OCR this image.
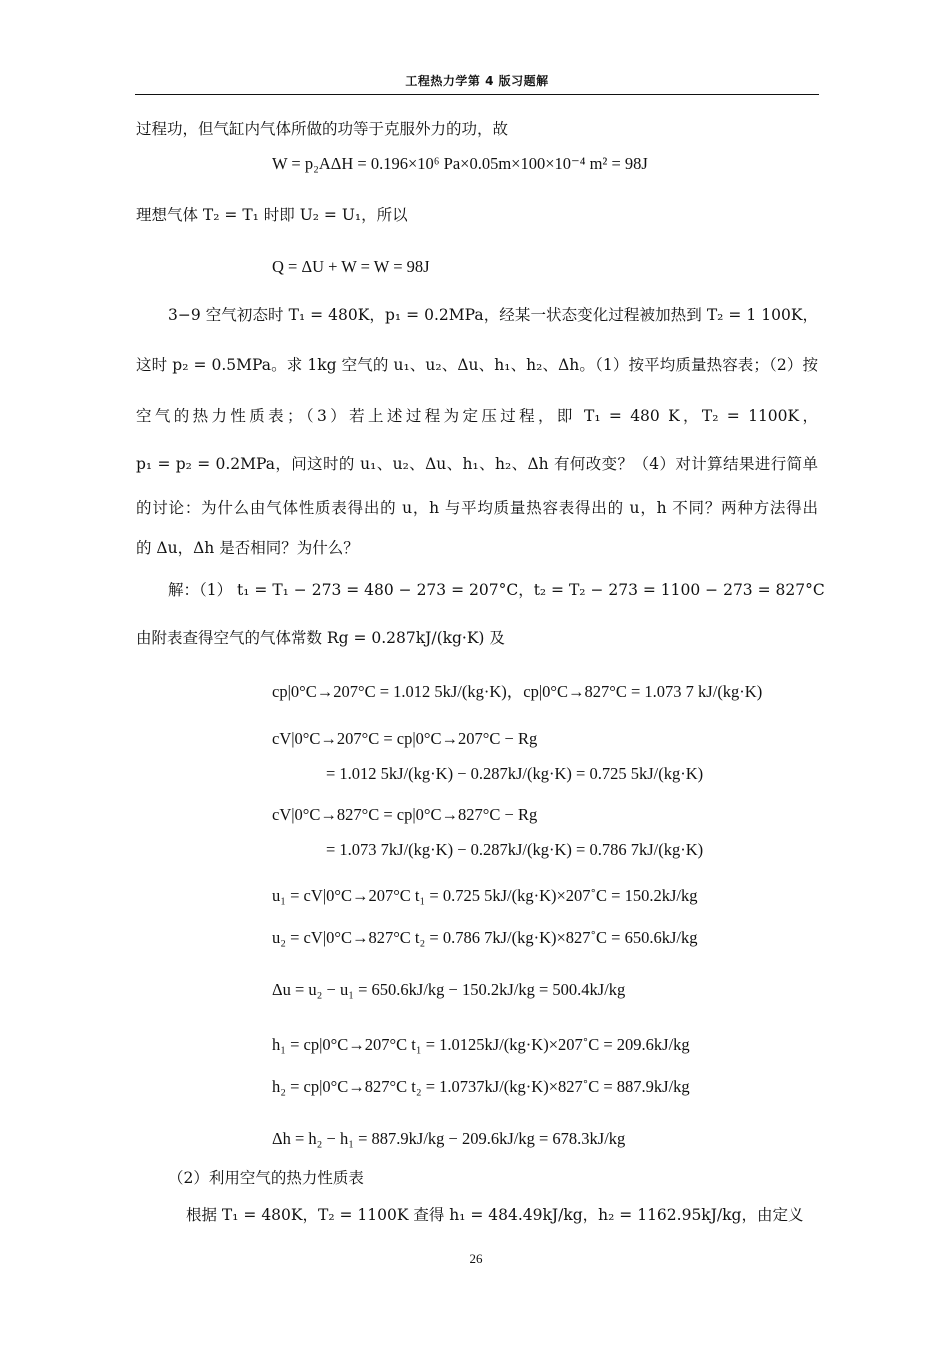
工程热力学第 4 版习题解
过程功，但气缸内气体所做的功等于克服外力的功，故
W = p₂AΔH = 0.196×10⁶ Pa×0.05m×100×10⁻⁴ m² = 98J
理想气体 T₂ = T₁ 时即 U₂ = U₁，所以
Q = ΔU + W = W = 98J
3−9 空气初态时 T₁ = 480K，p₁ = 0.2MPa，经某一状态变化过程被加热到 T₂ = 1 100K，
这时 p₂ = 0.5MPa。求 1kg 空气的 u₁、u₂、Δu、h₁、h₂、Δh。（1）按平均质量热容表；（2）按
空气的热力性质表；（3）若上述过程为定压过程，即 T₁ = 480 K，T₂ = 1100K，
p₁ = p₂ = 0.2MPa，问这时的 u₁、u₂、Δu、h₁、h₂、Δh 有何改变？（4）对计算结果进行简单
的讨论：为什么由气体性质表得出的 u，h 与平均质量热容表得出的 u，h 不同？两种方法得出
的 Δu，Δh 是否相同？为什么？
解：（1） t₁ = T₁ − 273 = 480 − 273 = 207°C，t₂ = T₂ − 273 = 1100 − 273 = 827°C
由附表查得空气的气体常数 Rg = 0.287kJ/(kg·K) 及
cp|0°C→207°C = 1.012 5kJ/(kg·K)，cp|0°C→827°C = 1.073 7 kJ/(kg·K)
cV|0°C→207°C = cp|0°C→207°C − Rg
= 1.012 5kJ/(kg·K) − 0.287kJ/(kg·K) = 0.725 5kJ/(kg·K)
cV|0°C→827°C = cp|0°C→827°C − Rg
= 1.073 7kJ/(kg·K) − 0.287kJ/(kg·K) = 0.786 7kJ/(kg·K)
u₁ = cV|0°C→207°C t₁ = 0.725 5kJ/(kg·K)×207˚C = 150.2kJ/kg
u₂ = cV|0°C→827°C t₂ = 0.786 7kJ/(kg·K)×827˚C = 650.6kJ/kg
Δu = u₂ − u₁ = 650.6kJ/kg − 150.2kJ/kg = 500.4kJ/kg
h₁ = cp|0°C→207°C t₁ = 1.0125kJ/(kg·K)×207˚C = 209.6kJ/kg
h₂ = cp|0°C→827°C t₂ = 1.0737kJ/(kg·K)×827˚C = 887.9kJ/kg
Δh = h₂ − h₁ = 887.9kJ/kg − 209.6kJ/kg = 678.3kJ/kg
（2）利用空气的热力性质表
根据 T₁ = 480K，T₂ = 1100K 查得 h₁ = 484.49kJ/kg，h₂ = 1162.95kJ/kg，由定义
26
